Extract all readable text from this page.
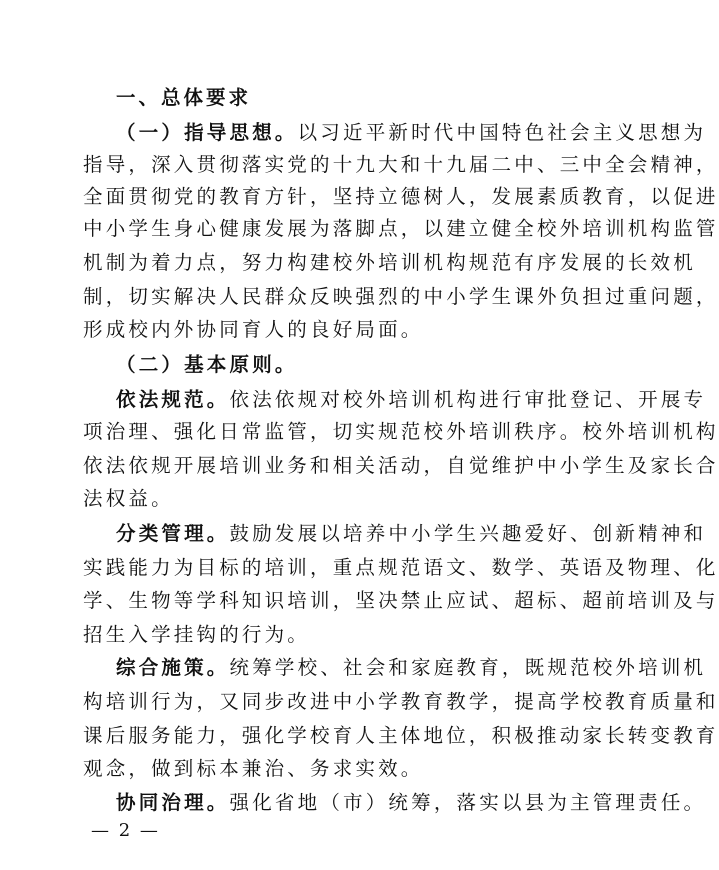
一、总体要求
（一）指导思想。以习近平新时代中国特色社会主义思想为
指导，深入贯彻落实党的十九大和十九届二中、三中全会精神，
全面贯彻党的教育方针，坚持立德树人，发展素质教育，以促进
中小学生身心健康发展为落脚点，以建立健全校外培训机构监管
机制为着力点，努力构建校外培训机构规范有序发展的长效机
制，切实解决人民群众反映强烈的中小学生课外负担过重问题，
形成校内外协同育人的良好局面。
（二）基本原则。
依法规范。依法依规对校外培训机构进行审批登记、开展专
项治理、强化日常监管，切实规范校外培训秩序。校外培训机构
依法依规开展培训业务和相关活动，自觉维护中小学生及家长合
法权益。
分类管理。鼓励发展以培养中小学生兴趣爱好、创新精神和
实践能力为目标的培训，重点规范语文、数学、英语及物理、化
学、生物等学科知识培训，坚决禁止应试、超标、超前培训及与
招生入学挂钩的行为。
综合施策。统筹学校、社会和家庭教育，既规范校外培训机
构培训行为，又同步改进中小学教育教学，提高学校教育质量和
课后服务能力，强化学校育人主体地位，积极推动家长转变教育
观念，做到标本兼治、务求实效。
协同治理。强化省地（市）统筹，落实以县为主管理责任。
— 2 —
